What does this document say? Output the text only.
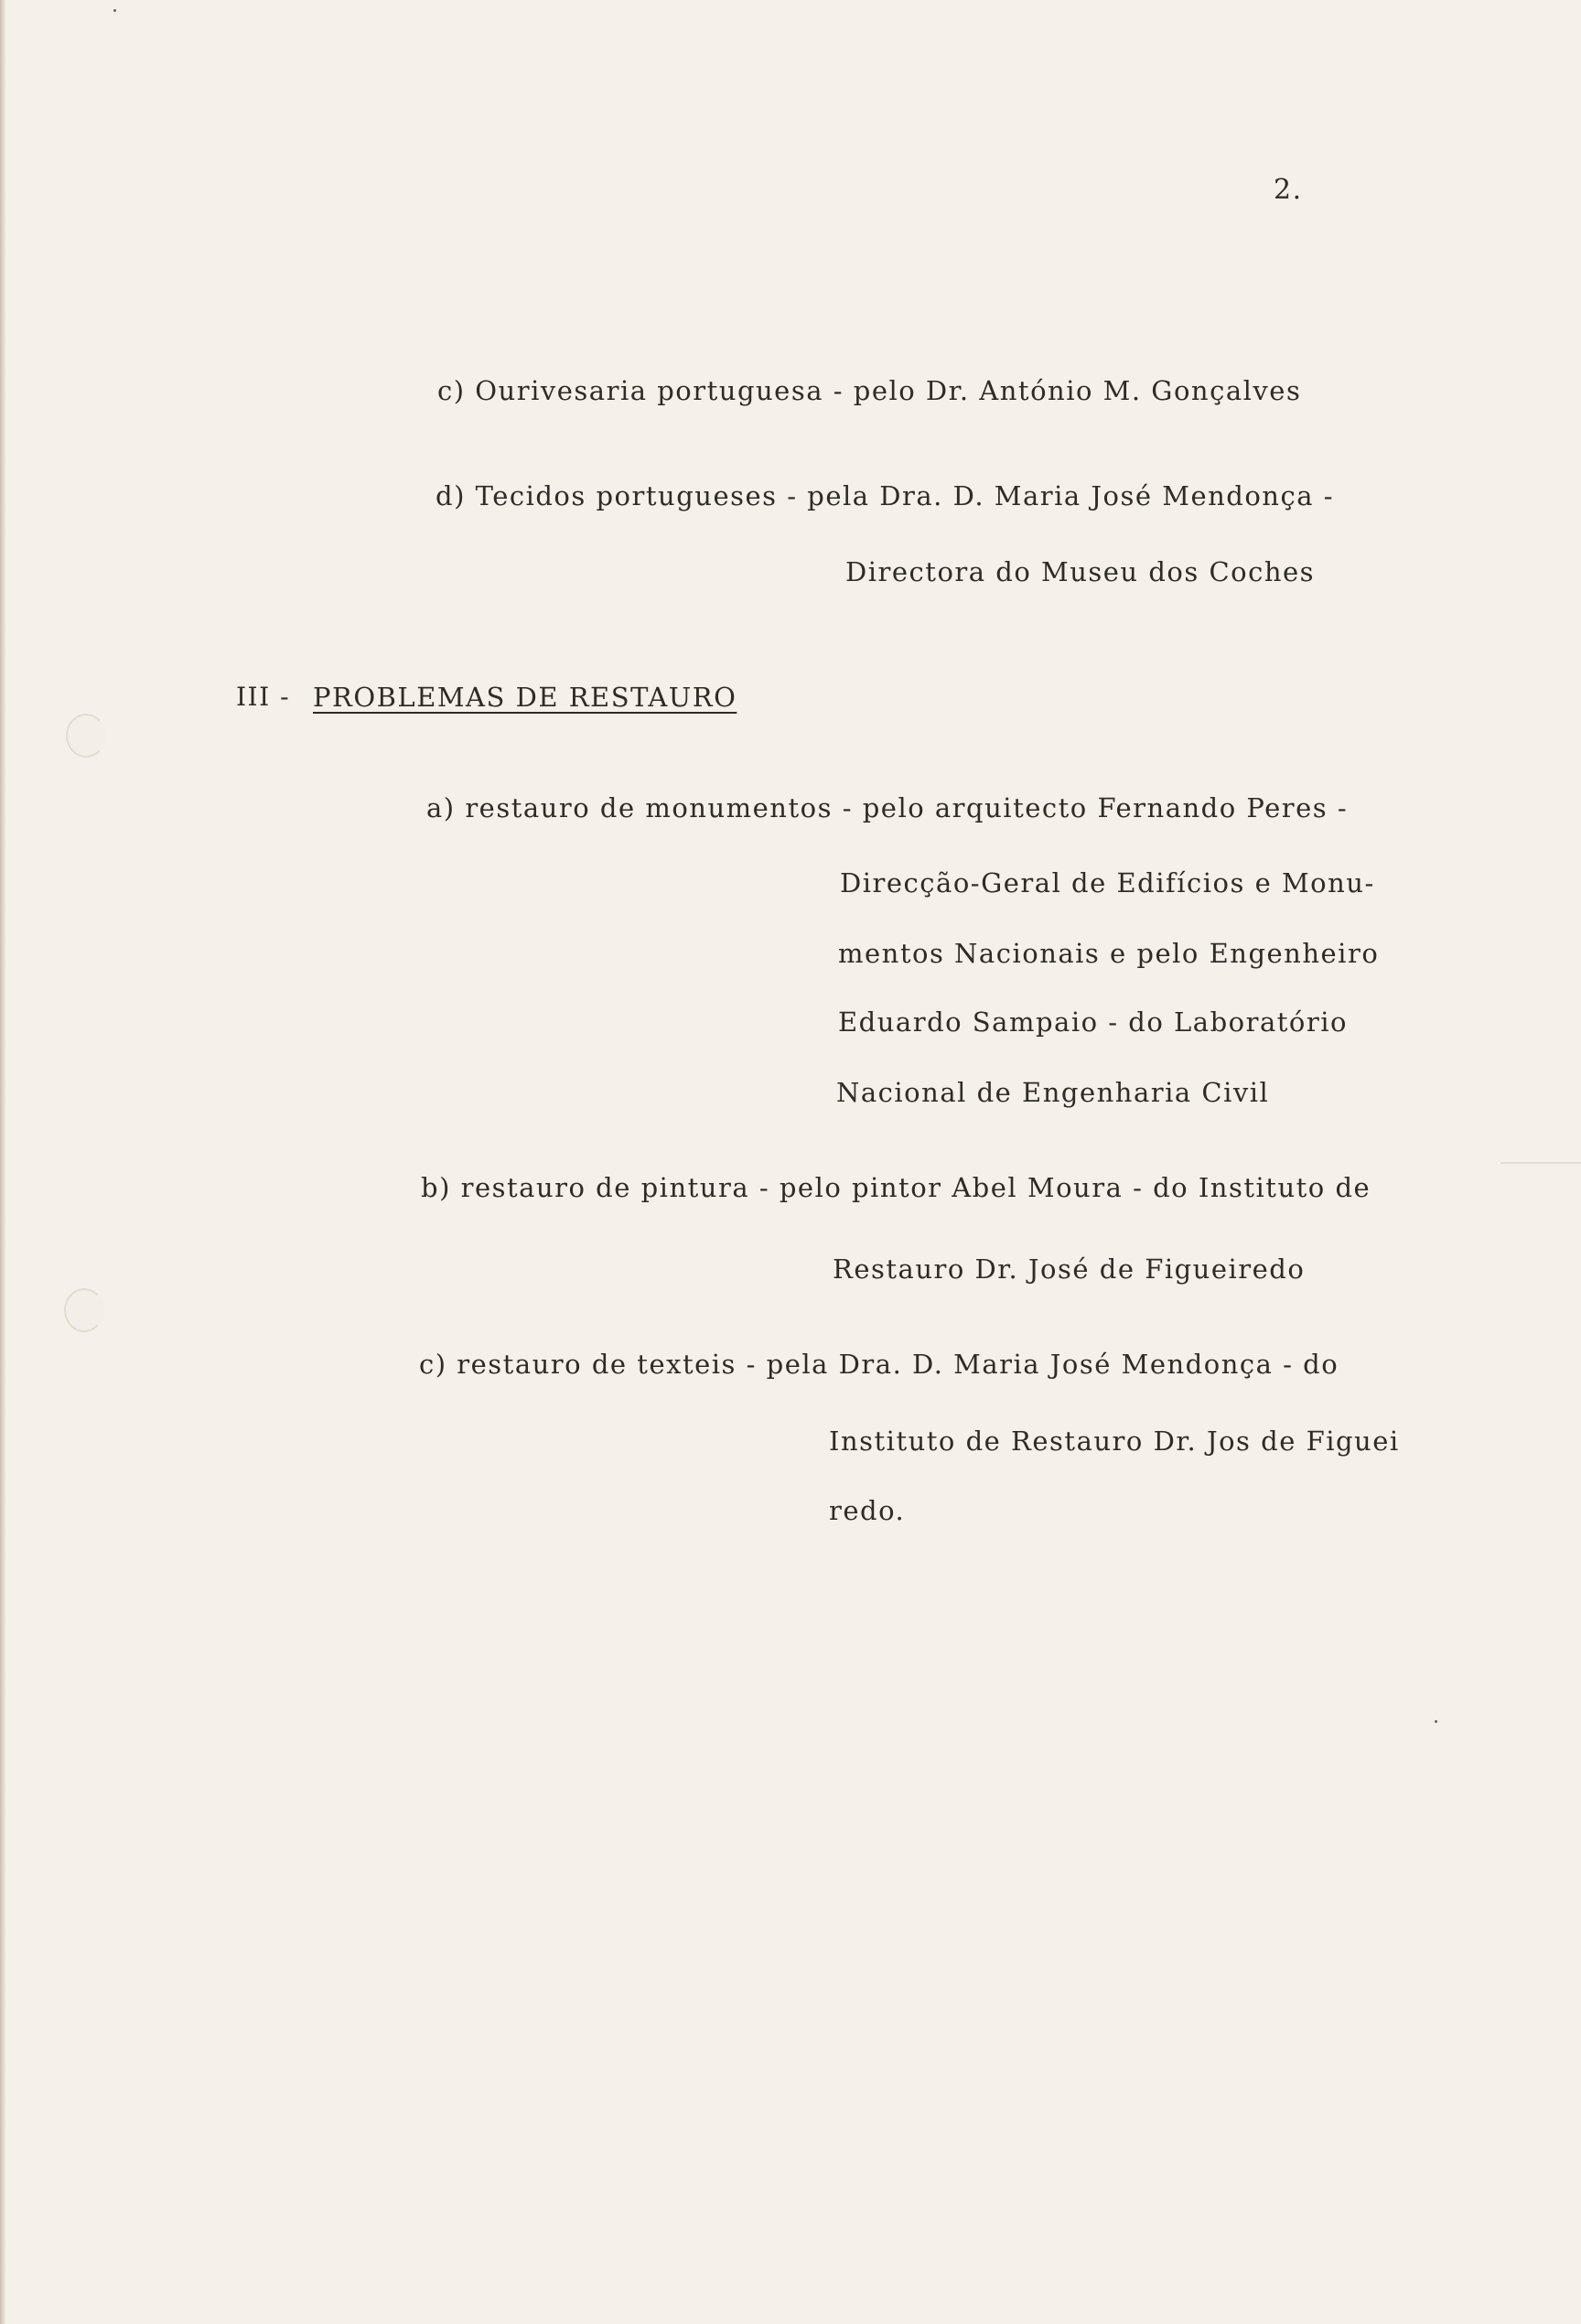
2.
c) Ourivesaria portuguesa - pelo Dr. António M. Gonçalves
d) Tecidos portugueses - pela Dra. D. Maria José Mendonça -
Directora do Museu dos Coches
III - PROBLEMAS DE RESTAURO
a) restauro de monumentos - pelo arquitecto Fernando Peres -
Direcção-Geral de Edifícios e Monu-
mentos Nacionais e pelo Engenheiro
Eduardo Sampaio - do Laboratório
Nacional de Engenharia Civil
b) restauro de pintura - pelo pintor Abel Moura - do Instituto de
Restauro Dr. José de Figueiredo
c) restauro de texteis - pela Dra. D. Maria José Mendonça - do
Instituto de Restauro Dr. Jos de Figuei
redo.
